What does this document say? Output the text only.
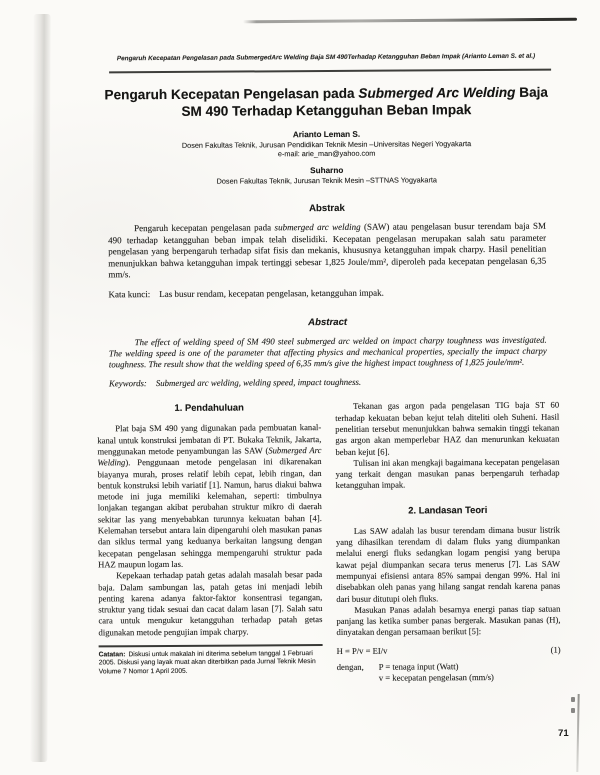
Pengaruh Kecepatan Pengelasan pada SubmergedArc Welding Baja SM 490Terhadap Ketangguhan Beban Impak (Arianto Leman S. et al.)
Pengaruh Kecepatan Pengelasan pada Submerged Arc Welding Baja SM 490 Terhadap Ketangguhan Beban Impak
Arianto Leman S.
Dosen Fakultas Teknik, Jurusan Pendidikan Teknik Mesin –Universitas Negeri Yogyakarta
e-mail: arie_man@yahoo.com
Suharno
Dosen Fakultas Teknik, Jurusan Teknik Mesin –STTNAS Yogyakarta
Abstrak
Pengaruh kecepatan pengelasan pada submerged arc welding (SAW) atau pengelasan busur terendam baja SM 490 terhadap ketangguhan beban impak telah diselidiki. Kecepatan pengelasan merupakan salah satu parameter pengelasan yang berpengaruh terhadap sifat fisis dan mekanis, khususnya ketangguhan impak charpy. Hasil penelitian menunjukkan bahwa ketangguhan impak tertinggi sebesar 1,825 Joule/mm², diperoleh pada kecepatan pengelasan 6,35 mm/s.
Kata kunci: Las busur rendam, kecepatan pengelasan, ketangguhan impak.
Abstract
The effect of welding speed of SM 490 steel submerged arc welded on impact charpy toughness was investigated. The welding speed is one of the parameter that affecting physics and mechanical properties, specially the impact charpy toughness. The result show that the welding speed of 6,35 mm/s give the highest impact toughness of 1,825 joule/mm².
Keywords: Submerged arc welding, welding speed, impact toughness.
1. Pendahuluan

Plat baja SM 490 yang digunakan pada pembuatan kanal-kanal untuk konstruksi jembatan di PT. Bukaka Teknik, Jakarta, menggunakan metode penyambungan las SAW (Submerged Arc Welding). Penggunaan metode pengelasan ini dikarenakan biayanya murah, proses relatif lebih cepat, lebih ringan, dan bentuk konstruksi lebih variatif [1]. Namun, harus diakui bahwa metode ini juga memiliki kelemahan, seperti: timbulnya lonjakan tegangan akibat perubahan struktur mikro di daerah sekitar las yang menyebabkan turunnya kekuatan bahan [4]. Kelemahan tersebut antara lain dipengaruhi oleh masukan panas dan siklus termal yang keduanya berkaitan langsung dengan kecepatan pengelasan sehingga mempengaruhi struktur pada HAZ maupun logam las.

Kepekaan terhadap patah getas adalah masalah besar pada baja. Dalam sambungan las, patah getas ini menjadi lebih penting karena adanya faktor-faktor konsentrasi tegangan, struktur yang tidak sesuai dan cacat dalam lasan [7]. Salah satu cara untuk mengukur ketangguhan terhadap patah getas digunakan metode pengujian impak charpy.

Catatan: Diskusi untuk makalah ini diterima sebelum tanggal 1 Februari 2005. Diskusi yang layak muat akan diterbitkan pada Jurnal Teknik Mesin Volume 7 Nomor 1 April 2005.

Tekanan gas argon pada pengelasan TIG baja ST 60 terhadap kekuatan beban kejut telah diteliti oleh Suheni. Hasil penelitian tersebut menunjukkan bahwa semakin tinggi tekanan gas argon akan memperlebar HAZ dan menurunkan kekuatan beban kejut [6].

Tulisan ini akan mengkaji bagaimana kecepatan pengelasan yang terkait dengan masukan panas berpengaruh terhadap ketangguhan impak.

2. Landasan Teori

Las SAW adalah las busur terendam dimana busur listrik yang dihasilkan terendam di dalam fluks yang diumpankan melalui energi fluks sedangkan logam pengisi yang berupa kawat pejal diumpankan secara terus menerus [7]. Las SAW mempunyai efisiensi antara 85% sampai dengan 99%. Hal ini disebabkan oleh panas yang hilang sangat rendah karena panas dari busur ditutupi oleh fluks.

Masukan Panas adalah besarnya energi panas tiap satuan panjang las ketika sumber panas bergerak. Masukan panas (H), dinyatakan dengan persamaan berikut [5]:

H = P/v = EI/v	(1)
dengan,	P = tenaga input (Watt)
v = kecepatan pengelasan (mm/s)
71
